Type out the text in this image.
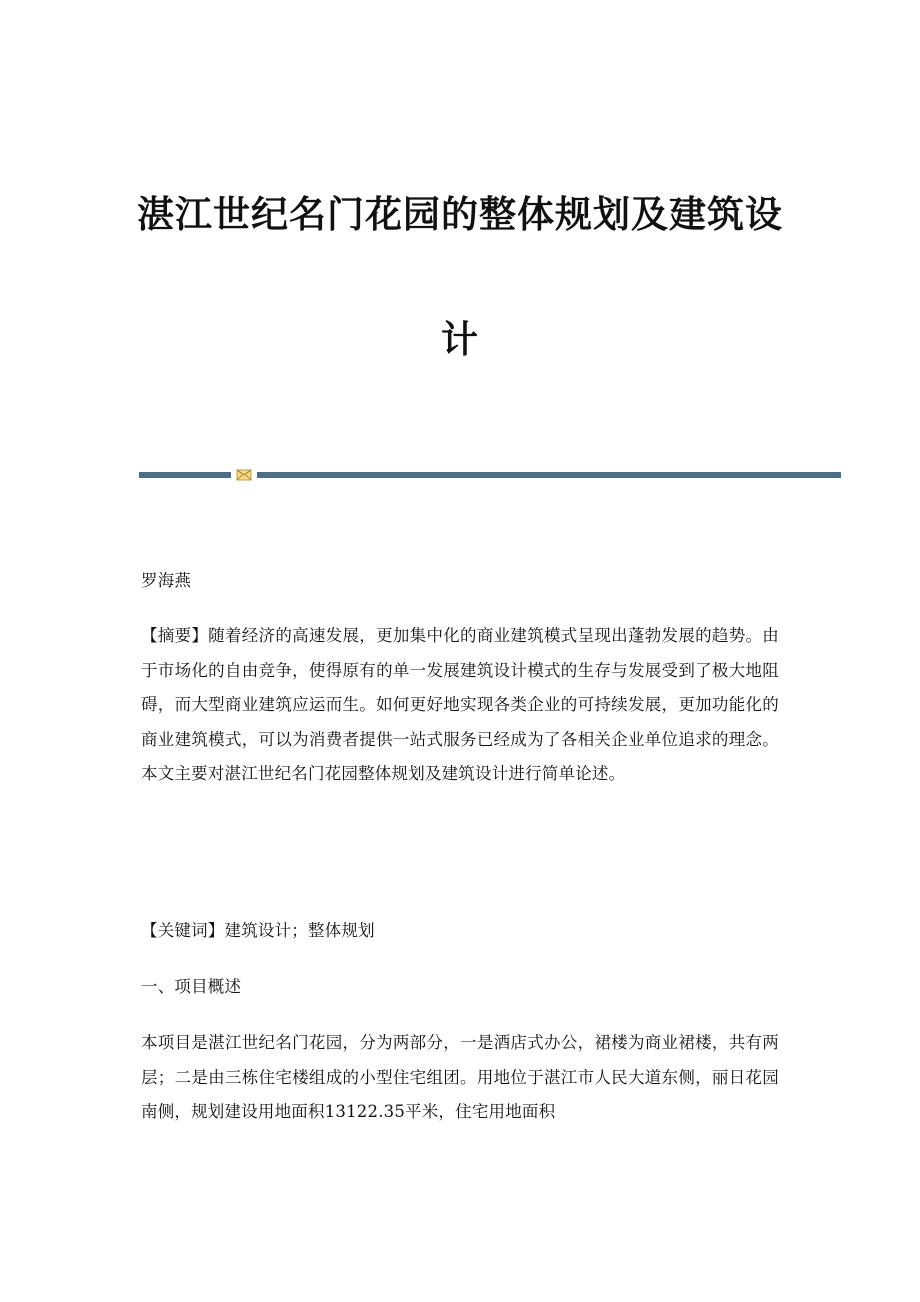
湛江世纪名门花园的整体规划及建筑设
计

罗海燕

【摘要】随着经济的高速发展，更加集中化的商业建筑模式呈现出蓬勃发展的趋势。由于市场化的自由竞争，使得原有的单一发展建筑设计模式的生存与发展受到了极大地阻碍，而大型商业建筑应运而生。如何更好地实现各类企业的可持续发展，更加功能化的商业建筑模式，可以为消费者提供一站式服务已经成为了各相关企业单位追求的理念。本文主要对湛江世纪名门花园整体规划及建筑设计进行简单论述。

【关键词】建筑设计；整体规划

一、项目概述

本项目是湛江世纪名门花园，分为两部分，一是酒店式办公，裙楼为商业裙楼，共有两层；二是由三栋住宅楼组成的小型住宅组团。用地位于湛江市人民大道东侧，丽日花园南侧，规划建设用地面积13122.35平米，住宅用地面积
